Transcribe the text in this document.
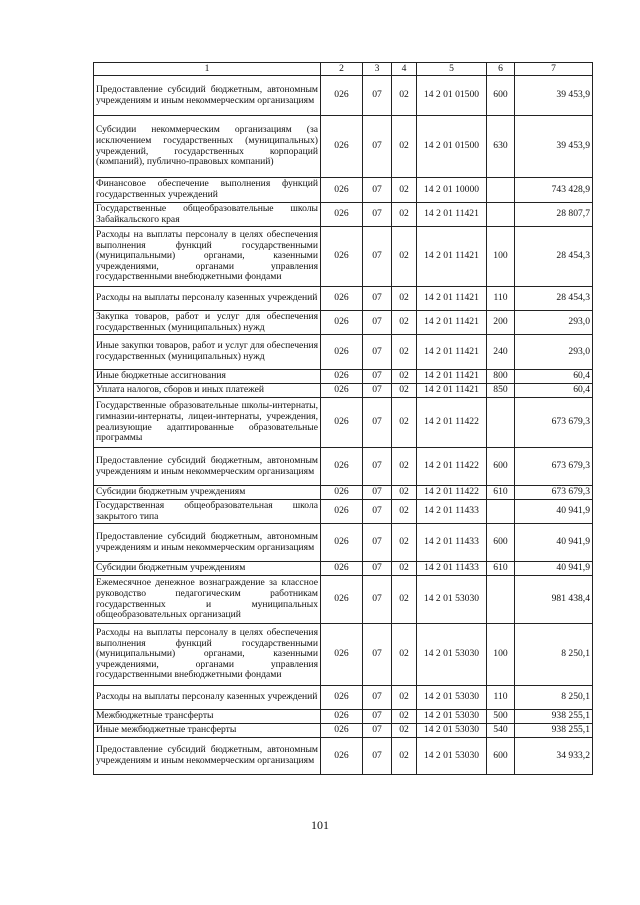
1	2	3	4	5	6	7
Предоставление субсидий бюджетным, автономным учреждениям и иным некоммерческим организациям	026	07	02	14 2 01 01500	600	39 453,9
Субсидии некоммерческим организациям (за исключением государственных (муниципальных) учреждений, государственных корпораций (компаний), публично-правовых компаний)	026	07	02	14 2 01 01500	630	39 453,9
Финансовое обеспечение выполнения функций государственных учреждений	026	07	02	14 2 01 10000		743 428,9
Государственные общеобразовательные школы Забайкальского края	026	07	02	14 2 01 11421		28 807,7
Расходы на выплаты персоналу в целях обеспечения выполнения функций государственными (муниципальными) органами, казенными учреждениями, органами управления государственными внебюджетными фондами	026	07	02	14 2 01 11421	100	28 454,3
Расходы на выплаты персоналу казенных учреждений	026	07	02	14 2 01 11421	110	28 454,3
Закупка товаров, работ и услуг для обеспечения государственных (муниципальных) нужд	026	07	02	14 2 01 11421	200	293,0
Иные закупки товаров, работ и услуг для обеспечения государственных (муниципальных) нужд	026	07	02	14 2 01 11421	240	293,0
Иные бюджетные ассигнования	026	07	02	14 2 01 11421	800	60,4
Уплата налогов, сборов и иных платежей	026	07	02	14 2 01 11421	850	60,4
Государственные образовательные школы-интернаты, гимназии-интернаты, лицеи-интернаты, учреждения, реализующие адаптированные образовательные программы	026	07	02	14 2 01 11422		673 679,3
Предоставление субсидий бюджетным, автономным учреждениям и иным некоммерческим организациям	026	07	02	14 2 01 11422	600	673 679,3
Субсидии бюджетным учреждениям	026	07	02	14 2 01 11422	610	673 679,3
Государственная общеобразовательная школа закрытого типа	026	07	02	14 2 01 11433		40 941,9
Предоставление субсидий бюджетным, автономным учреждениям и иным некоммерческим организациям	026	07	02	14 2 01 11433	600	40 941,9
Субсидии бюджетным учреждениям	026	07	02	14 2 01 11433	610	40 941,9
Ежемесячное денежное вознаграждение за классное руководство педагогическим работникам государственных и муниципальных общеобразовательных организаций	026	07	02	14 2 01 53030		981 438,4
Расходы на выплаты персоналу в целях обеспечения выполнения функций государственными (муниципальными) органами, казенными учреждениями, органами управления государственными внебюджетными фондами	026	07	02	14 2 01 53030	100	8 250,1
Расходы на выплаты персоналу казенных учреждений	026	07	02	14 2 01 53030	110	8 250,1
Межбюджетные трансферты	026	07	02	14 2 01 53030	500	938 255,1
Иные межбюджетные трансферты	026	07	02	14 2 01 53030	540	938 255,1
Предоставление субсидий бюджетным, автономным учреждениям и иным некоммерческим организациям	026	07	02	14 2 01 53030	600	34 933,2
101
